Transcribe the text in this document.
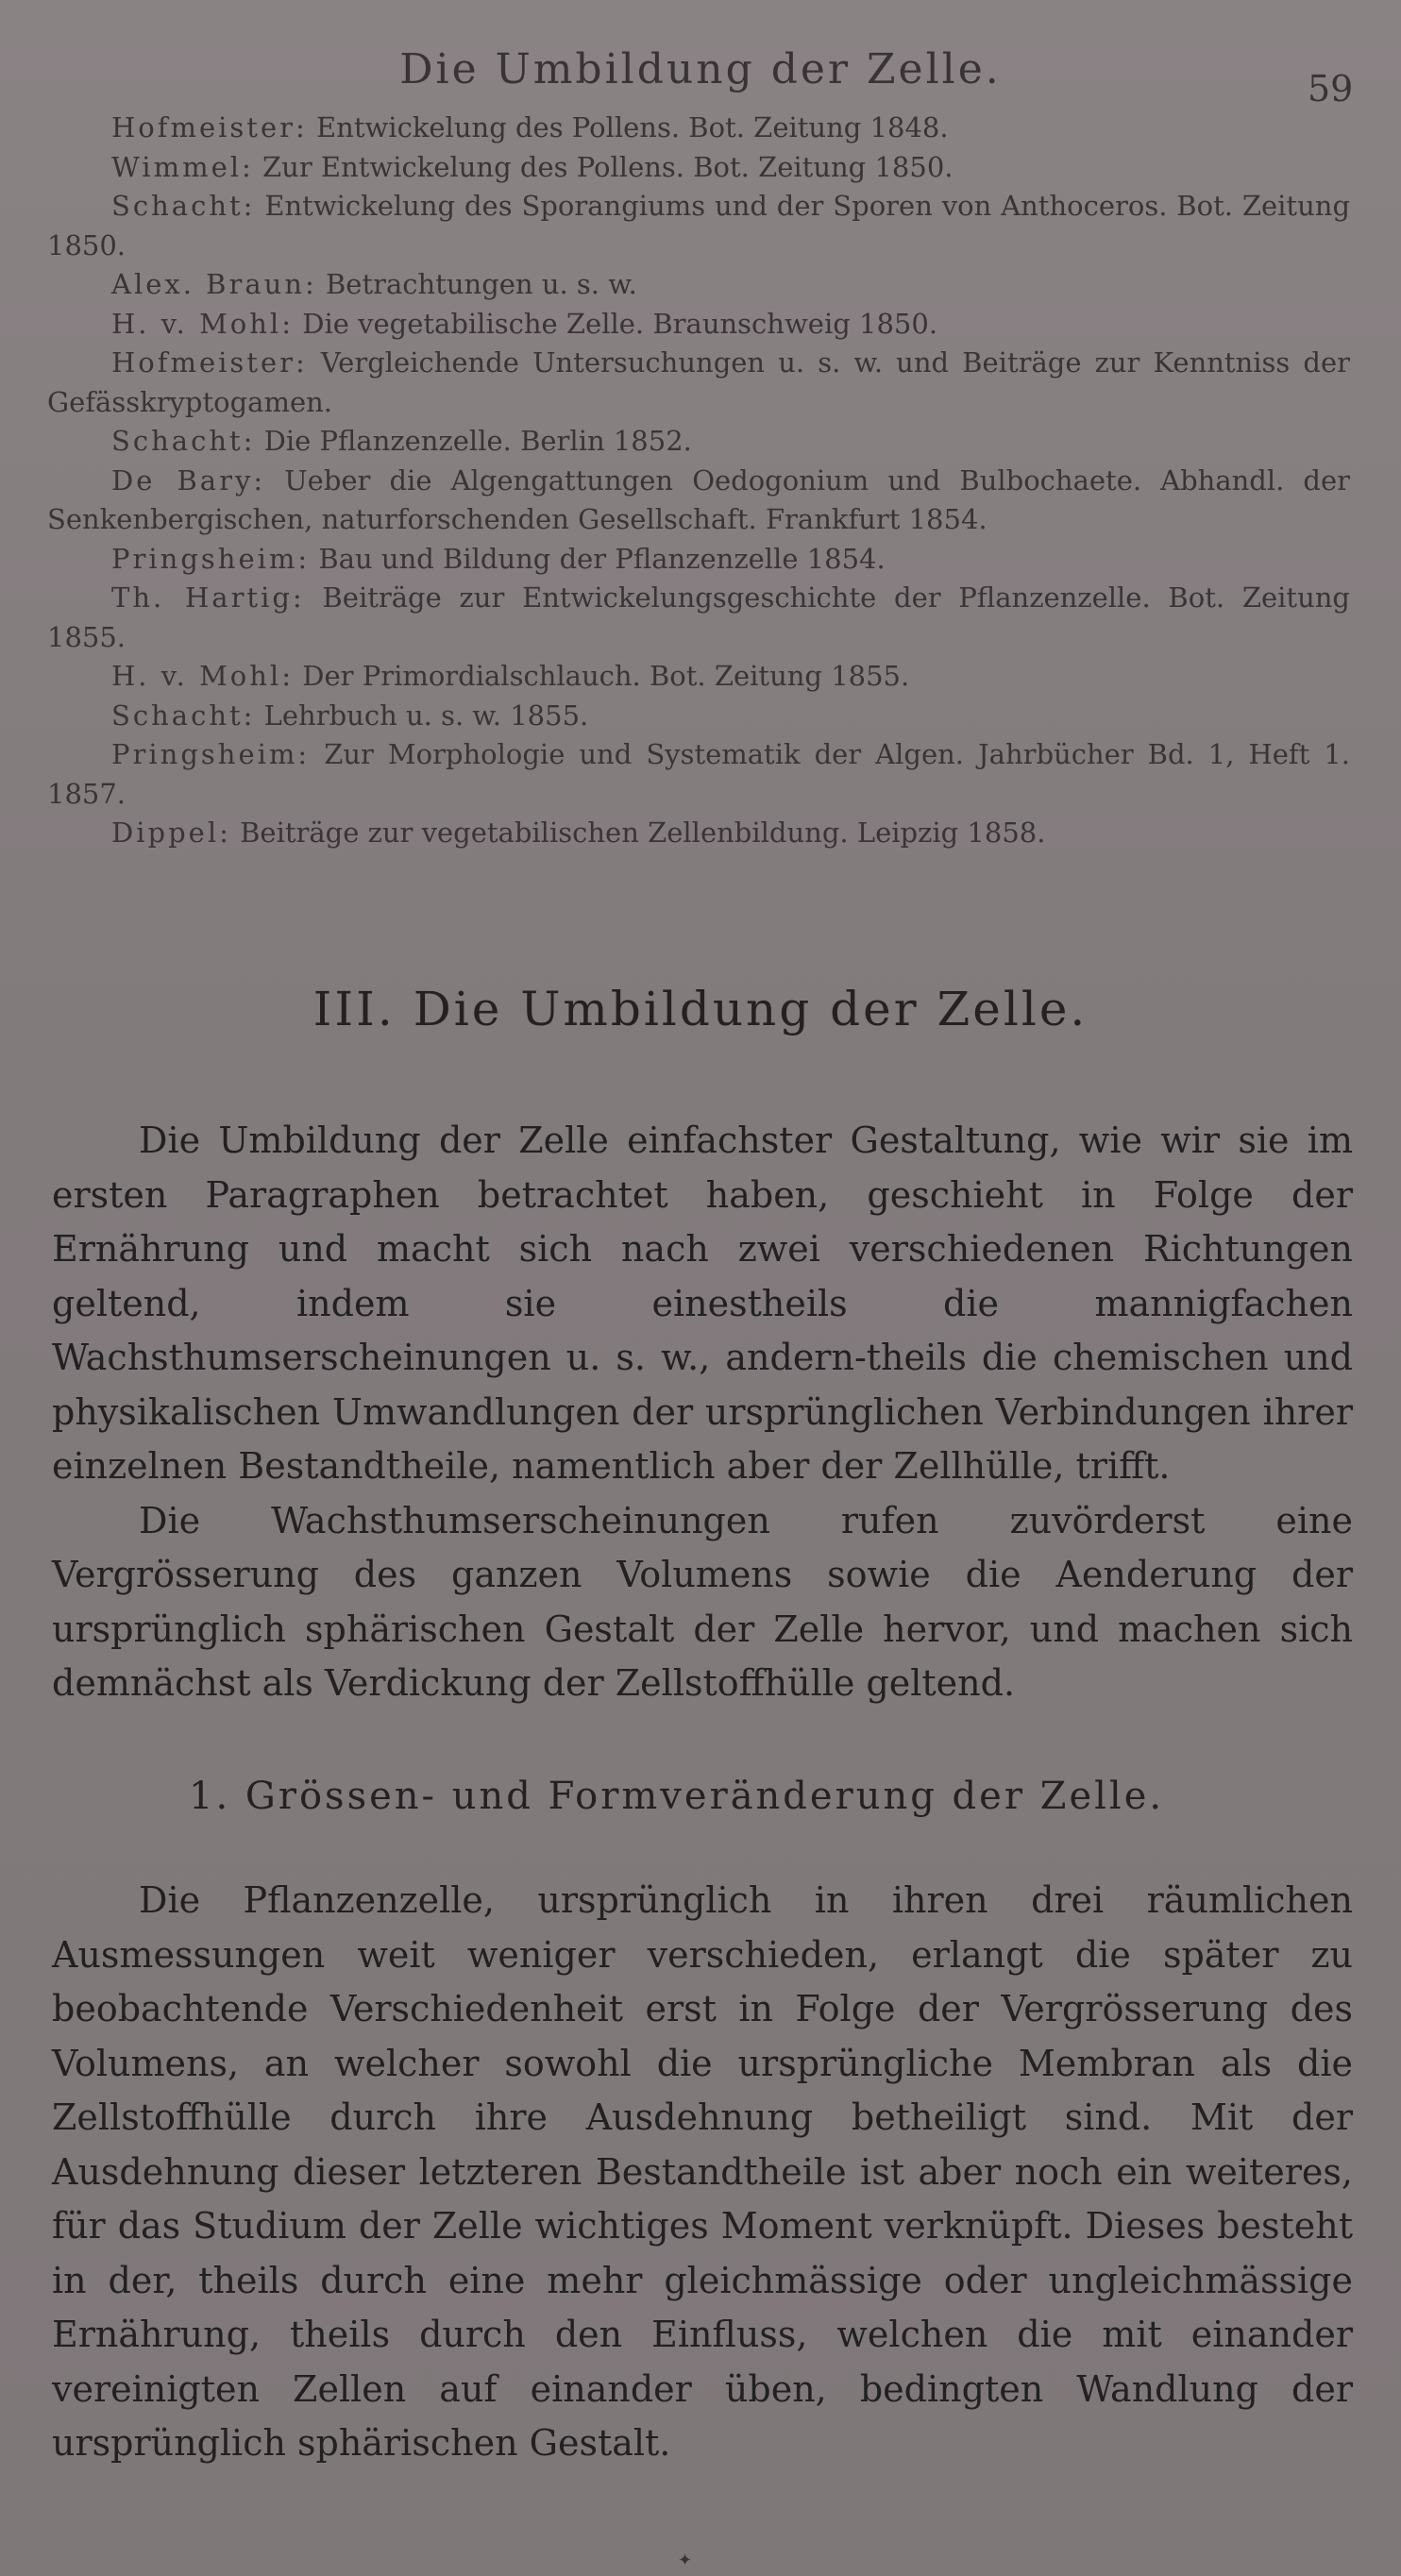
Die Umbildung der Zelle.	59
Hofmeister: Entwickelung des Pollens. Bot. Zeitung 1848.
Wimmel: Zur Entwickelung des Pollens. Bot. Zeitung 1850.
Schacht: Entwickelung des Sporangiums und der Sporen von Anthoceros. Bot. Zeitung 1850.
Alex. Braun: Betrachtungen u. s. w.
H. v. Mohl: Die vegetabilische Zelle. Braunschweig 1850.
Hofmeister: Vergleichende Untersuchungen u. s. w. und Beiträge zur Kenntniss der Gefässkryptogamen.
Schacht: Die Pflanzenzelle. Berlin 1852.
De Bary: Ueber die Algengattungen Oedogonium und Bulbochaete. Abhandl. der Senkenbergischen, naturforschenden Gesellschaft. Frankfurt 1854.
Pringsheim: Bau und Bildung der Pflanzenzelle 1854.
Th. Hartig: Beiträge zur Entwickelungsgeschichte der Pflanzenzelle. Bot. Zeitung 1855.
H. v. Mohl: Der Primordialschlauch. Bot. Zeitung 1855.
Schacht: Lehrbuch u. s. w. 1855.
Pringsheim: Zur Morphologie und Systematik der Algen. Jahrbücher Bd. 1, Heft 1. 1857.
Dippel: Beiträge zur vegetabilischen Zellenbildung. Leipzig 1858.
III. Die Umbildung der Zelle.

Die Umbildung der Zelle einfachster Gestaltung, wie wir sie im ersten Paragraphen betrachtet haben, geschieht in Folge der Ernährung und macht sich nach zwei verschiedenen Richtungen geltend, indem sie einestheils die mannigfachen Wachsthumserscheinungen u. s. w., andern-theils die chemischen und physikalischen Umwandlungen der ursprünglichen Verbindungen ihrer einzelnen Bestandtheile, namentlich aber der Zellhülle, trifft.

Die Wachsthumserscheinungen rufen zuvörderst eine Vergrösserung des ganzen Volumens sowie die Aenderung der ursprünglich sphärischen Gestalt der Zelle hervor, und machen sich demnächst als Verdickung der Zellstoffhülle geltend.

1. Grössen- und Formveränderung der Zelle.

Die Pflanzenzelle, ursprünglich in ihren drei räumlichen Ausmessungen weit weniger verschieden, erlangt die später zu beobachtende Verschiedenheit erst in Folge der Vergrösserung des Volumens, an welcher sowohl die ursprüngliche Membran als die Zellstoffhülle durch ihre Ausdehnung betheiligt sind. Mit der Ausdehnung dieser letzteren Bestandtheile ist aber noch ein weiteres, für das Studium der Zelle wichtiges Moment verknüpft. Dieses besteht in der, theils durch eine mehr gleichmässige oder ungleichmässige Ernährung, theils durch den Einfluss, welchen die mit einander vereinigten Zellen auf einander üben, bedingten Wandlung der ursprünglich sphärischen Gestalt.

✦
